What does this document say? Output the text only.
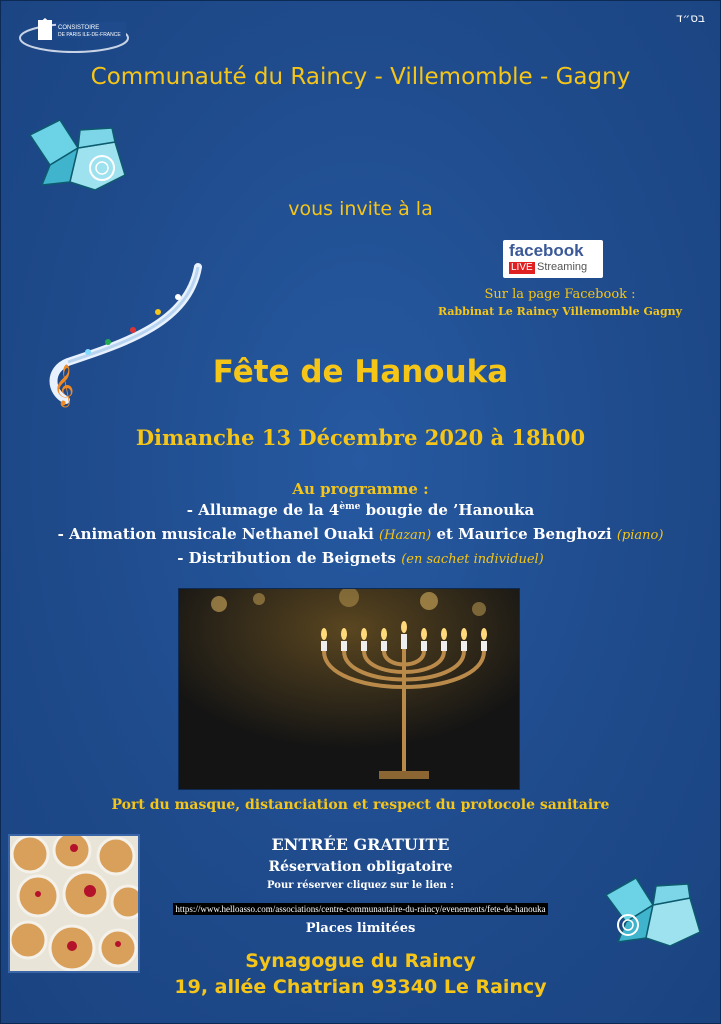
CONSISTOIRE
DE PARIS ILE-DE-FRANCE
בס״ד
Communauté du Raincy - Villemomble - Gagny
vous invite à la
facebook
LIVE Streaming
Sur la page Facebook :
Rabbinat Le Raincy Villemomble Gagny
𝄞	Fête de Hanouka
Dimanche 13 Décembre 2020 à 18h00
Au programme :
- Allumage de la 4ème bougie de ’Hanouka
- Animation musicale Nethanel Ouaki (Hazan) et Maurice Benghozi (piano)
- Distribution de Beignets (en sachet individuel)
Port du masque, distanciation et respect du protocole sanitaire
ENTRÉE GRATUITE
Réservation obligatoire
Pour réserver cliquez sur le lien :
https://www.helloasso.com/associations/centre-communautaire-du-raincy/evenements/fete-de-hanouka
Places limitées
Synagogue du Raincy
19, allée Chatrian 93340 Le Raincy
